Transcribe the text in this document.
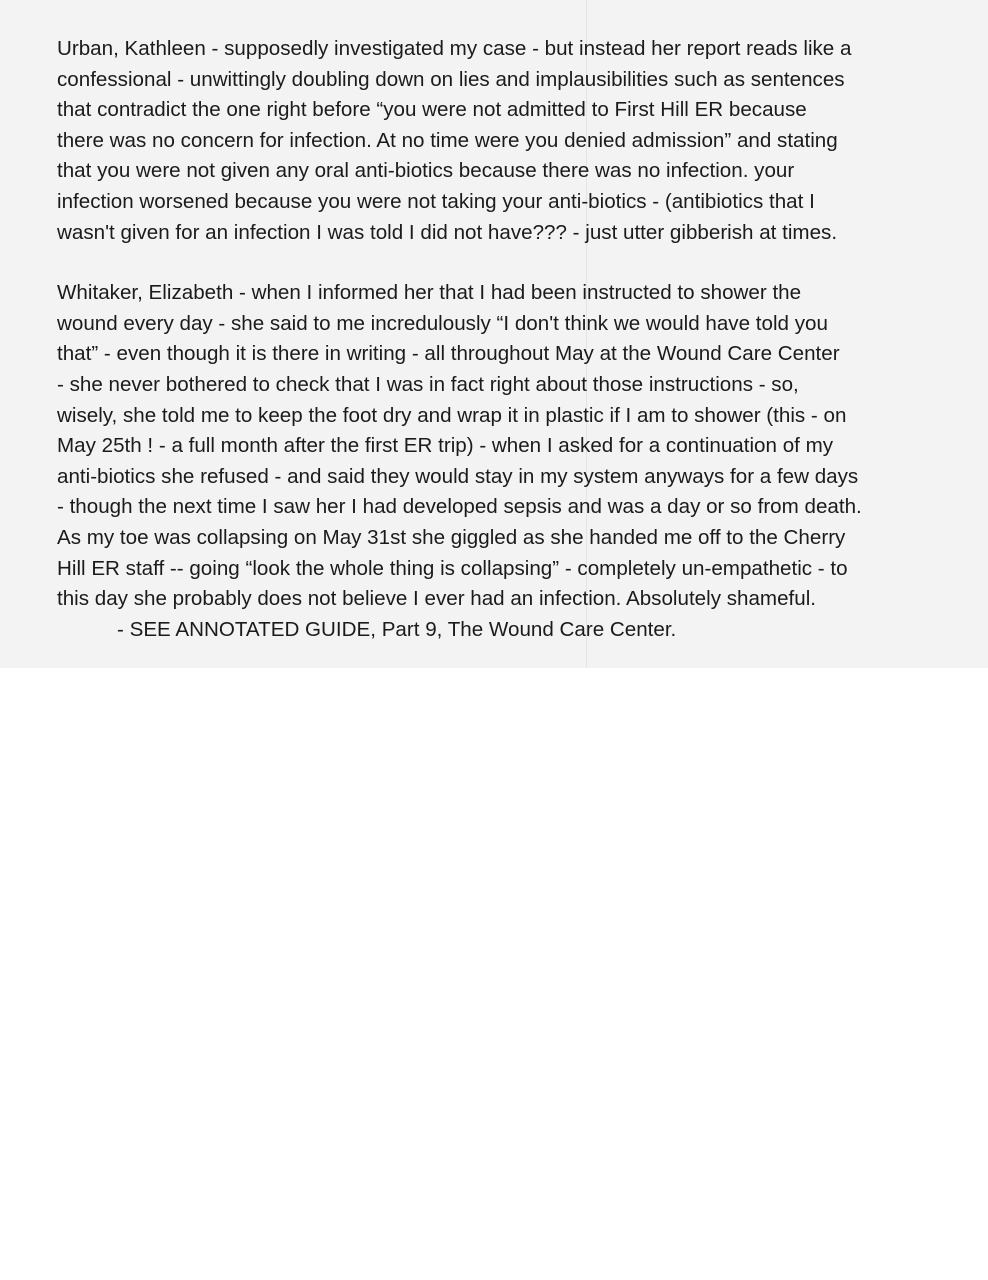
Urban, Kathleen - supposedly investigated my case - but instead her report reads like a
confessional - unwittingly doubling down on lies and implausibilities such as sentences
that contradict the one right before “you were not admitted to First Hill ER because
there was no concern for infection. At no time were you denied admission” and stating
that you were not given any oral anti-biotics because there was no infection. your
infection worsened because you were not taking your anti-biotics - (antibiotics that I
wasn't given for an infection I was told I did not have??? - just utter gibberish at times.
Whitaker, Elizabeth - when I informed her that I had been instructed to shower the
wound every day - she said to me incredulously “I don't think we would have told you
that” - even though it is there in writing - all throughout May at the Wound Care Center
- she never bothered to check that I was in fact right about those instructions - so,
wisely, she told me to keep the foot dry and wrap it in plastic if I am to shower (this - on
May 25th ! - a full month after the first ER trip) - when I asked for a continuation of my
anti-biotics she refused - and said they would stay in my system anyways for a few days
- though the next time I saw her I had developed sepsis and was a day or so from death.
As my toe was collapsing on May 31st she giggled as she handed me off to the Cherry
Hill ER staff -- going “look the whole thing is collapsing” - completely un-empathetic - to
this day she probably does not believe I ever had an infection. Absolutely shameful.
- SEE ANNOTATED GUIDE, Part 9, The Wound Care Center.
